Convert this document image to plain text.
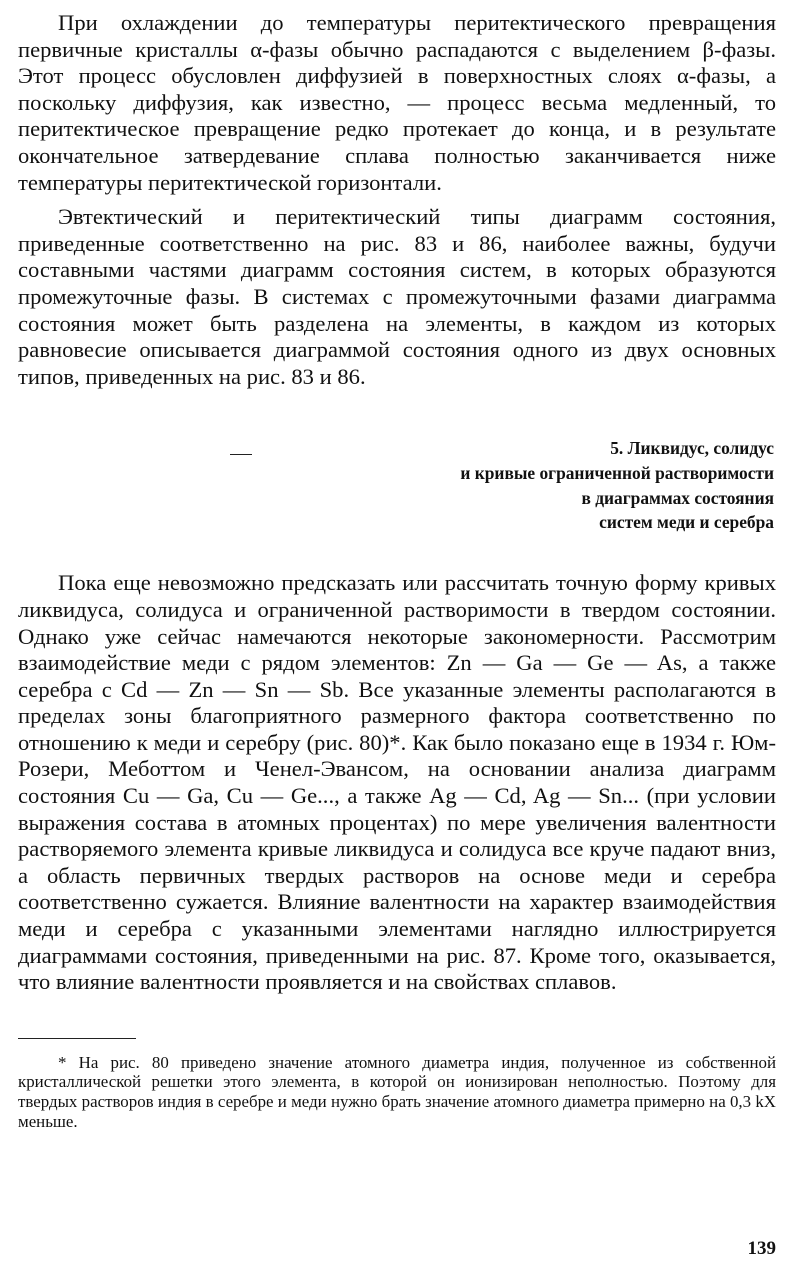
При охлаждении до температуры перитектического превращения первичные кристаллы α-фазы обычно распадаются с выделением β-фазы. Этот процесс обусловлен диффузией в поверхностных слоях α-фазы, а поскольку диффузия, как известно, — процесс весьма медленный, то перитектическое превращение редко протекает до конца, и в результате окончательное затвердевание сплава полностью заканчивается ниже температуры перитектической горизонтали.

Эвтектический и перитектический типы диаграмм состояния, приведенные соответственно на рис. 83 и 86, наиболее важны, будучи составными частями диаграмм состояния систем, в которых образуются промежуточные фазы. В системах с промежуточными фазами диаграмма состояния может быть разделена на элементы, в каждом из которых равновесие описывается диаграммой состояния одного из двух основных типов, приведенных на рис. 83 и 86.

5. Ликвидус, солидус
и кривые ограниченной растворимости
в диаграммах состояния
систем меди и серебра

Пока еще невозможно предсказать или рассчитать точную форму кривых ликвидуса, солидуса и ограниченной растворимости в твердом состоянии. Однако уже сейчас намечаются некоторые закономерности. Рассмотрим взаимодействие меди с рядом элементов: Zn — Ga — Ge — As, а также серебра с Cd — Zn — Sn — Sb. Все указанные элементы располагаются в пределах зоны благоприятного размерного фактора соответственно по отношению к меди и серебру (рис. 80)*. Как было показано еще в 1934 г. Юм-Розери, Меботтом и Ченел-Эвансом, на основании анализа диаграмм состояния Cu — Ga, Cu — Ge..., а также Ag — Cd, Ag — Sn... (при условии выражения состава в атомных процентах) по мере увеличения валентности растворяемого элемента кривые ликвидуса и солидуса все круче падают вниз, а область первичных твердых растворов на основе меди и серебра соответственно сужается. Влияние валентности на характер взаимодействия меди и серебра с указанными элементами наглядно иллюстрируется диаграммами состояния, приведенными на рис. 87. Кроме того, оказывается, что влияние валентности проявляется и на свойствах сплавов.

* На рис. 80 приведено значение атомного диаметра индия, полученное из собственной кристаллической решетки этого элемента, в которой он ионизирован неполностью. Поэтому для твердых растворов индия в серебре и меди нужно брать значение атомного диаметра примерно на 0,3 kX меньше.

139
